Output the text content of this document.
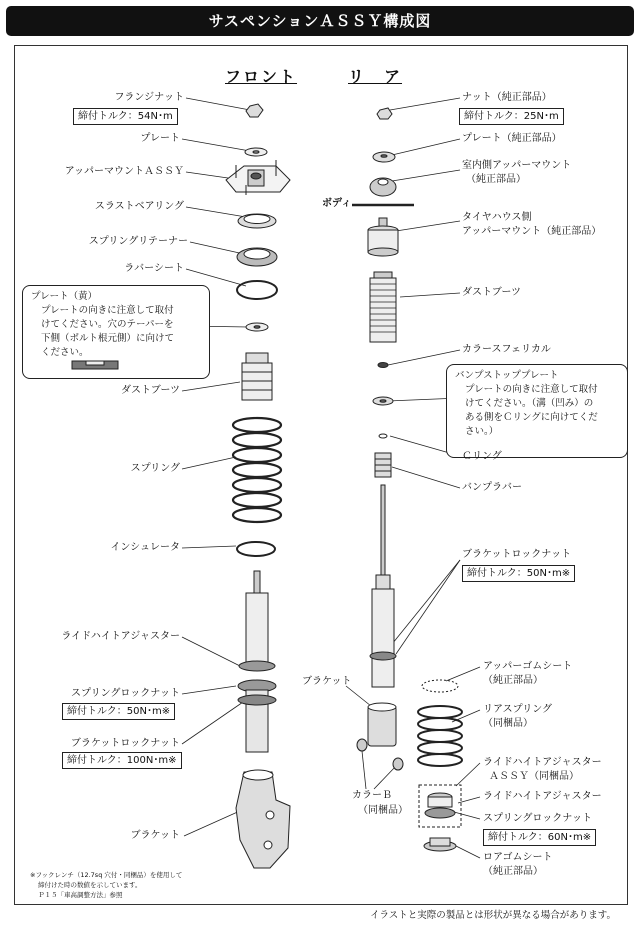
サスペンションＡＳＳＹ構成図
フロント	リ　ア
フランジナット
締付トルク：54N･m
プレート
アッパーマウントＡＳＳＹ
スラストベアリング
スプリングリテーナー
ラバーシート
プレート（黄）
プレートの向きに注意して取付
けてください。穴のテーパーを
下側（ボルト根元側）に向けて
ください。
ダストブーツ
スプリング
インシュレータ
ライドハイトアジャスター
スプリングロックナット
締付トルク：50N･m※
ブラケットロックナット
締付トルク：100N･m※
ブラケット
※フックレンチ（12.7sq 穴付・同梱品）を使用して
締付けた時の数値を示しています。
Ｐ１５「車高調整方法」参照
ナット（純正部品）
締付トルク：25N･m
プレート（純正部品）
室内側アッパーマウント
（純正部品）
ボディ
タイヤハウス側
アッパーマウント（純正部品）
ダストブーツ
カラースフェリカル
バンプストッププレート
プレートの向きに注意して取付
けてください。（溝（凹み）の
ある側をＣリングに向けてくだ
さい。）
Ｃリング
バンプラバー
ブラケットロックナット
締付トルク：50N･m※
ブラケット
カラーＢ
（同梱品）
アッパーゴムシート
（純正部品）
リアスプリング
（同梱品）
ライドハイトアジャスター
ＡＳＳＹ（同梱品）
ライドハイトアジャスター
スプリングロックナット
締付トルク：60N･m※
ロアゴムシート
（純正部品）
イラストと実際の製品とは形状が異なる場合があります。
